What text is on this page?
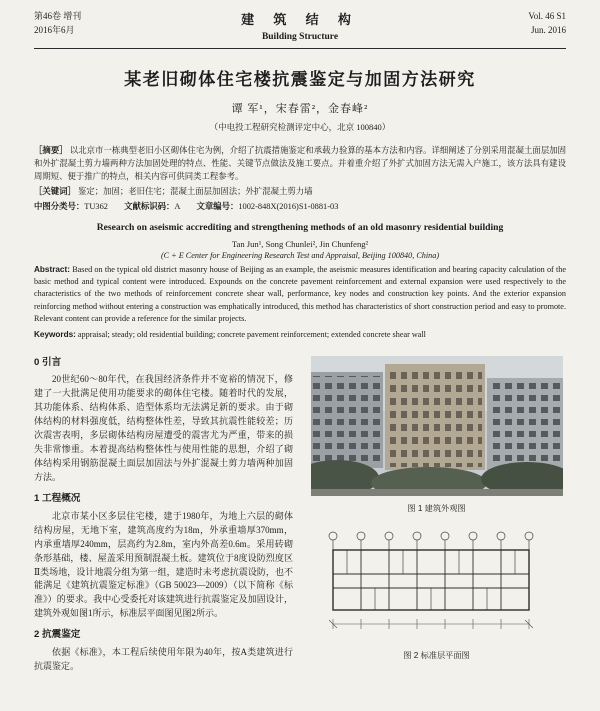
第46卷 增刊
2016年6月
建 筑 结 构
Building Structure
Vol. 46 S1
Jun. 2016
某老旧砌体住宅楼抗震鉴定与加固方法研究
谭 军¹，宋春雷²，金春峰²
（中电投工程研究检测评定中心，北京 100840）

［摘要］ 以北京市一栋典型老旧小区砌体住宅为例，介绍了抗震措施鉴定和承载力验算的基本方法和内容。详细阐述了分别采用混凝土面层加固和外扩混凝土剪力墙两种方法加固处理的特点、性能、关键节点做法及施工要点。并着重介绍了外扩式加固方法无需入户施工，该方法具有建设周期短、便于推广的特点，相关内容可供同类工程参考。

［关键词］ 鉴定；加固；老旧住宅；混凝土面层加固法；外扩混凝土剪力墙

中图分类号：TU362 文献标识码：A 文章编号：1002-848X(2016)S1-0881-03

Research on aseismic accrediting and strengthening methods of an old masonry residential building
Tan Jun¹, Song Chunlei², Jin Chunfeng²
(C + E Center for Engineering Research Test and Appraisal, Beijing 100840, China)

Abstract: Based on the typical old district masonry house of Beijing as an example, the aseismic measures identification and bearing capacity calculation of the basic method and typical content were introduced. Expounds on the concrete pavement reinforcement and external expansion were used respectively to the characteristics of the two methods of reinforcement concrete shear wall, performance, key nodes and construction key points. And the exterior expansion reinforcing method without entering a construction was emphatically introduced, this method has characteristics of short construction period and easy to promote. Relevant content can provide a reference for the similar projects.

Keywords: appraisal; steady; old residential building; concrete pavement reinforcement; extended concrete shear wall

0 引言

20世纪60～80年代，在我国经济条件并不宽裕的情况下，修建了一大批满足使用功能要求的砌体住宅楼。随着时代的发展，其功能体系、结构体系、造型体系均无法满足新的要求。由于砌体结构的材料强度低，结构整体性差，导致其抗震性能较差；历次震害表明，多层砌体结构房屋遭受的震害尤为严重，带来的损失非常惨重。本着提高结构整体性与使用性能的思想，介绍了砌体结构采用钢筋混凝土面层加固法与外扩混凝土剪力墙两种加固方法。

1 工程概况

北京市某小区多层住宅楼，建于1980年，为地上六层的砌体结构房屋，无地下室，建筑高度约为18m，外承重墙厚370mm，内承重墙厚240mm，层高约为2.8m，室内外高差0.6m。采用砖砌条形基础，楼、屋盖采用预制混凝土板。建筑位于8度设防烈度区Ⅱ类场地，设计地震分组为第一组，建造时未考虑抗震设防，也不能满足《建筑抗震鉴定标准》（GB 50023—2009）（以下简称《标准》）的要求。我中心受委托对该建筑进行抗震鉴定及加固设计，建筑外观如图1所示，标准层平面图见图2所示。

2 抗震鉴定

依据《标准》，本工程后续使用年限为40年，按A类建筑进行抗震鉴定。

图 1 建筑外观图
图 2 标准层平面图
